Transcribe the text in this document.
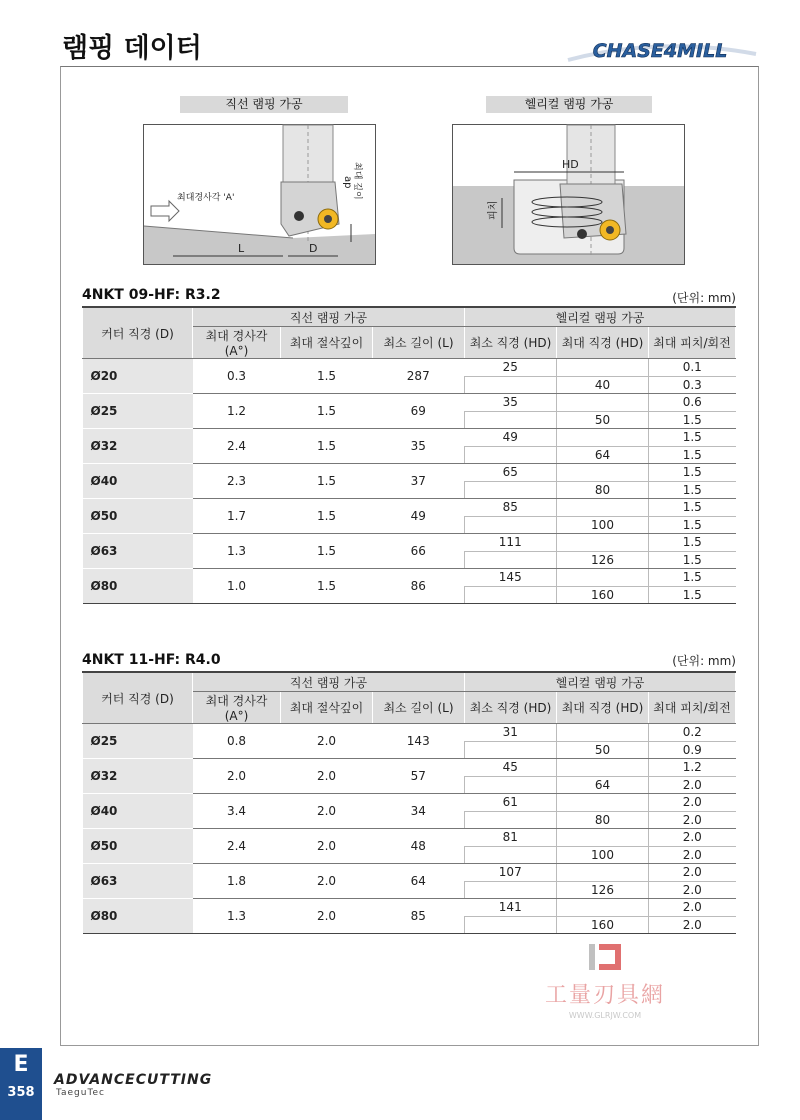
램핑 데이터	CHASE4MILL
직선 램핑 가공
최대경사각 'A'	최대 깊이
ap
L	D
헬리컬 램핑 가공
HD
피치
4NKT 09-HF: R3.2	(단위: mm)
커터 직경 (D)	직선 램핑 가공			헬리컬 램핑 가공		
	최대 경사각 (A°)	최대 절삭깊이	최소 길이 (L)	최소 직경 (HD)	최대 직경 (HD)	최대 피치/회전
Ø20	0.3	1.5	287	25		0.1
					40	0.3
Ø25	1.2	1.5	69	35		0.6
					50	1.5
Ø32	2.4	1.5	35	49		1.5
					64	1.5
Ø40	2.3	1.5	37	65		1.5
					80	1.5
Ø50	1.7	1.5	49	85		1.5
					100	1.5
Ø63	1.3	1.5	66	111		1.5
					126	1.5
Ø80	1.0	1.5	86	145		1.5
					160	1.5
4NKT 11-HF: R4.0	(단위: mm)
커터 직경 (D)	직선 램핑 가공			헬리컬 램핑 가공		
	최대 경사각 (A°)	최대 절삭깊이	최소 길이 (L)	최소 직경 (HD)	최대 직경 (HD)	최대 피치/회전
Ø25	0.8	2.0	143	31		0.2
					50	0.9
Ø32	2.0	2.0	57	45		1.2
					64	2.0
Ø40	3.4	2.0	34	61		2.0
					80	2.0
Ø50	2.4	2.0	48	81		2.0
					100	2.0
Ø63	1.8	2.0	64	107		2.0
					126	2.0
Ø80	1.3	2.0	85	141		2.0
					160	2.0
工量刃具網
WWW.GLRJW.COM
E
358
ADVANCECUTTING
TaeguTec
